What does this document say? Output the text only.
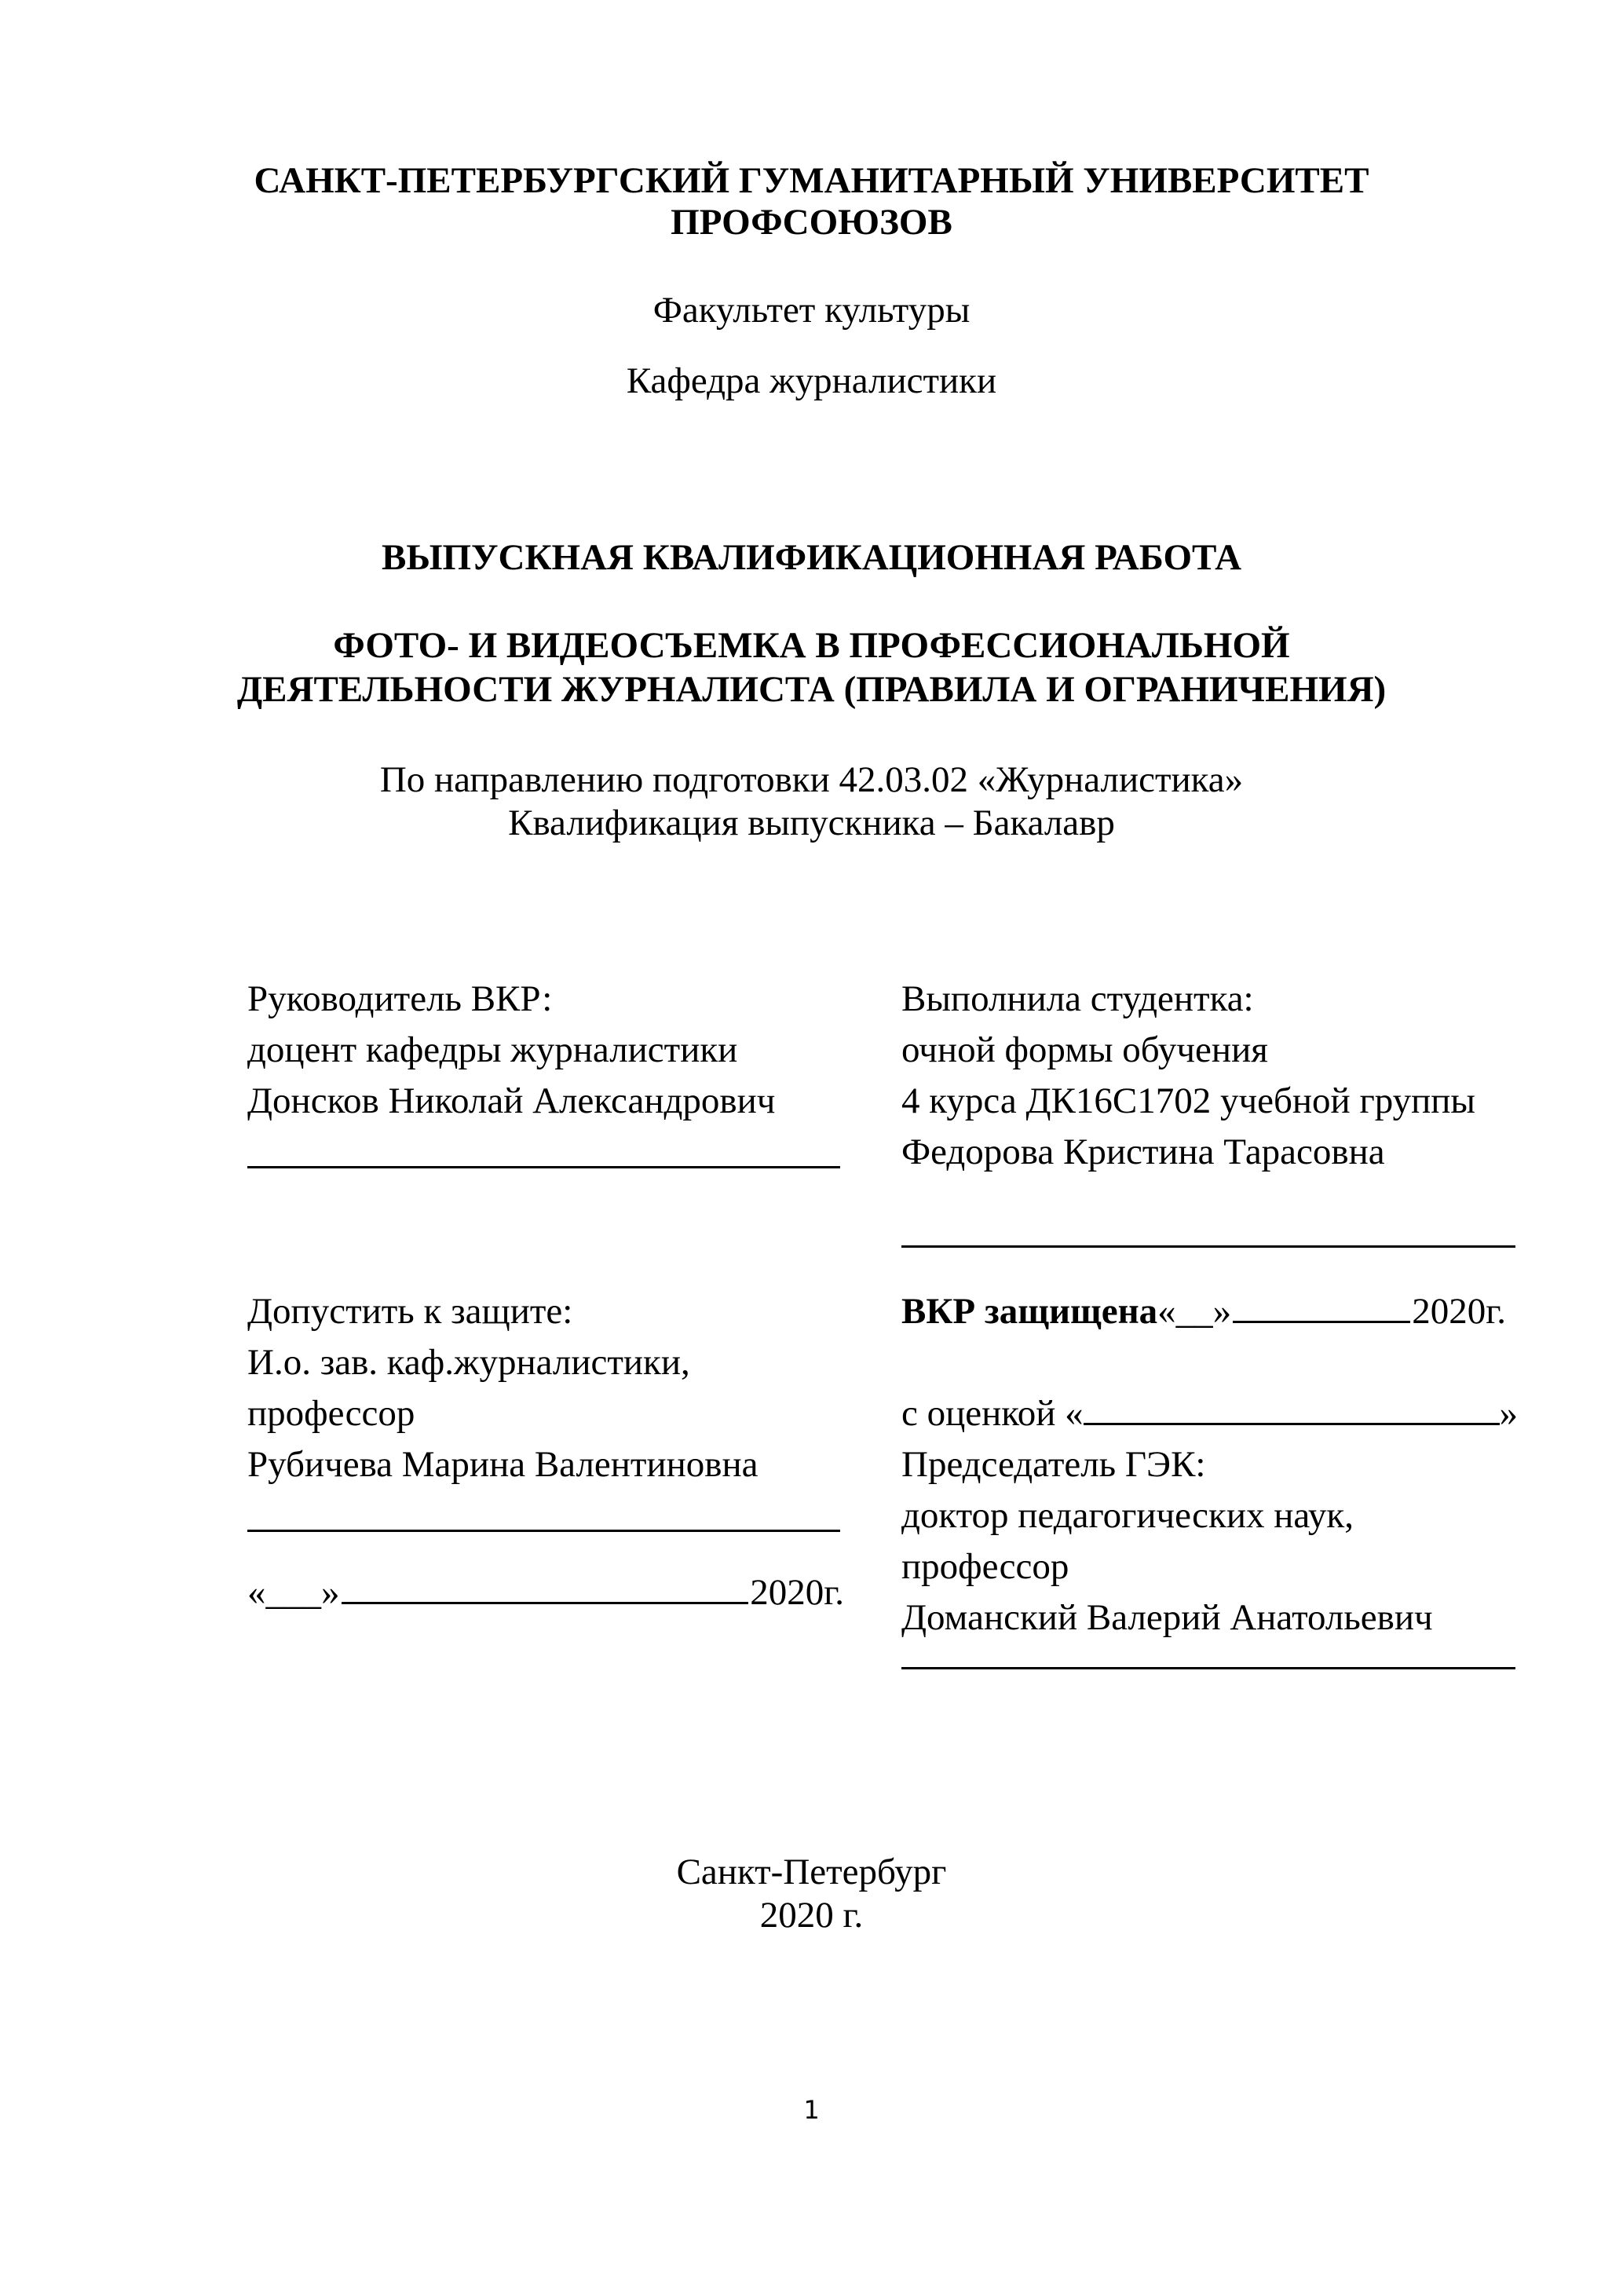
САНКТ-ПЕТЕРБУРГСКИЙ ГУМАНИТАРНЫЙ УНИВЕРСИТЕТ
ПРОФСОЮЗОВ
Факультет культуры
Кафедра журналистики
ВЫПУСКНАЯ КВАЛИФИКАЦИОННАЯ РАБОТА
ФОТО- И ВИДЕОСЪЕМКА В ПРОФЕССИОНАЛЬНОЙ
ДЕЯТЕЛЬНОСТИ ЖУРНАЛИСТА (ПРАВИЛА И ОГРАНИЧЕНИЯ)
По направлению подготовки 42.03.02 «Журналистика»
Квалификация выпускника – Бакалавр
Руководитель ВКР:
доцент кафедры журналистики
Донсков Николай Александрович
Выполнила студентка:
очной формы обучения
4 курса ДК16С1702 учебной группы
Федорова Кристина Тарасовна
Допустить к защите:
И.о. зав. каф.журналистики,
профессор
Рубичева Марина Валентиновна
«___»	2020г.
ВКР защищена «__»	2020г.
с оценкой «	»
Председатель ГЭК:
доктор педагогических наук,
профессор
Доманский Валерий Анатольевич
Санкт-Петербург
2020 г.
1
